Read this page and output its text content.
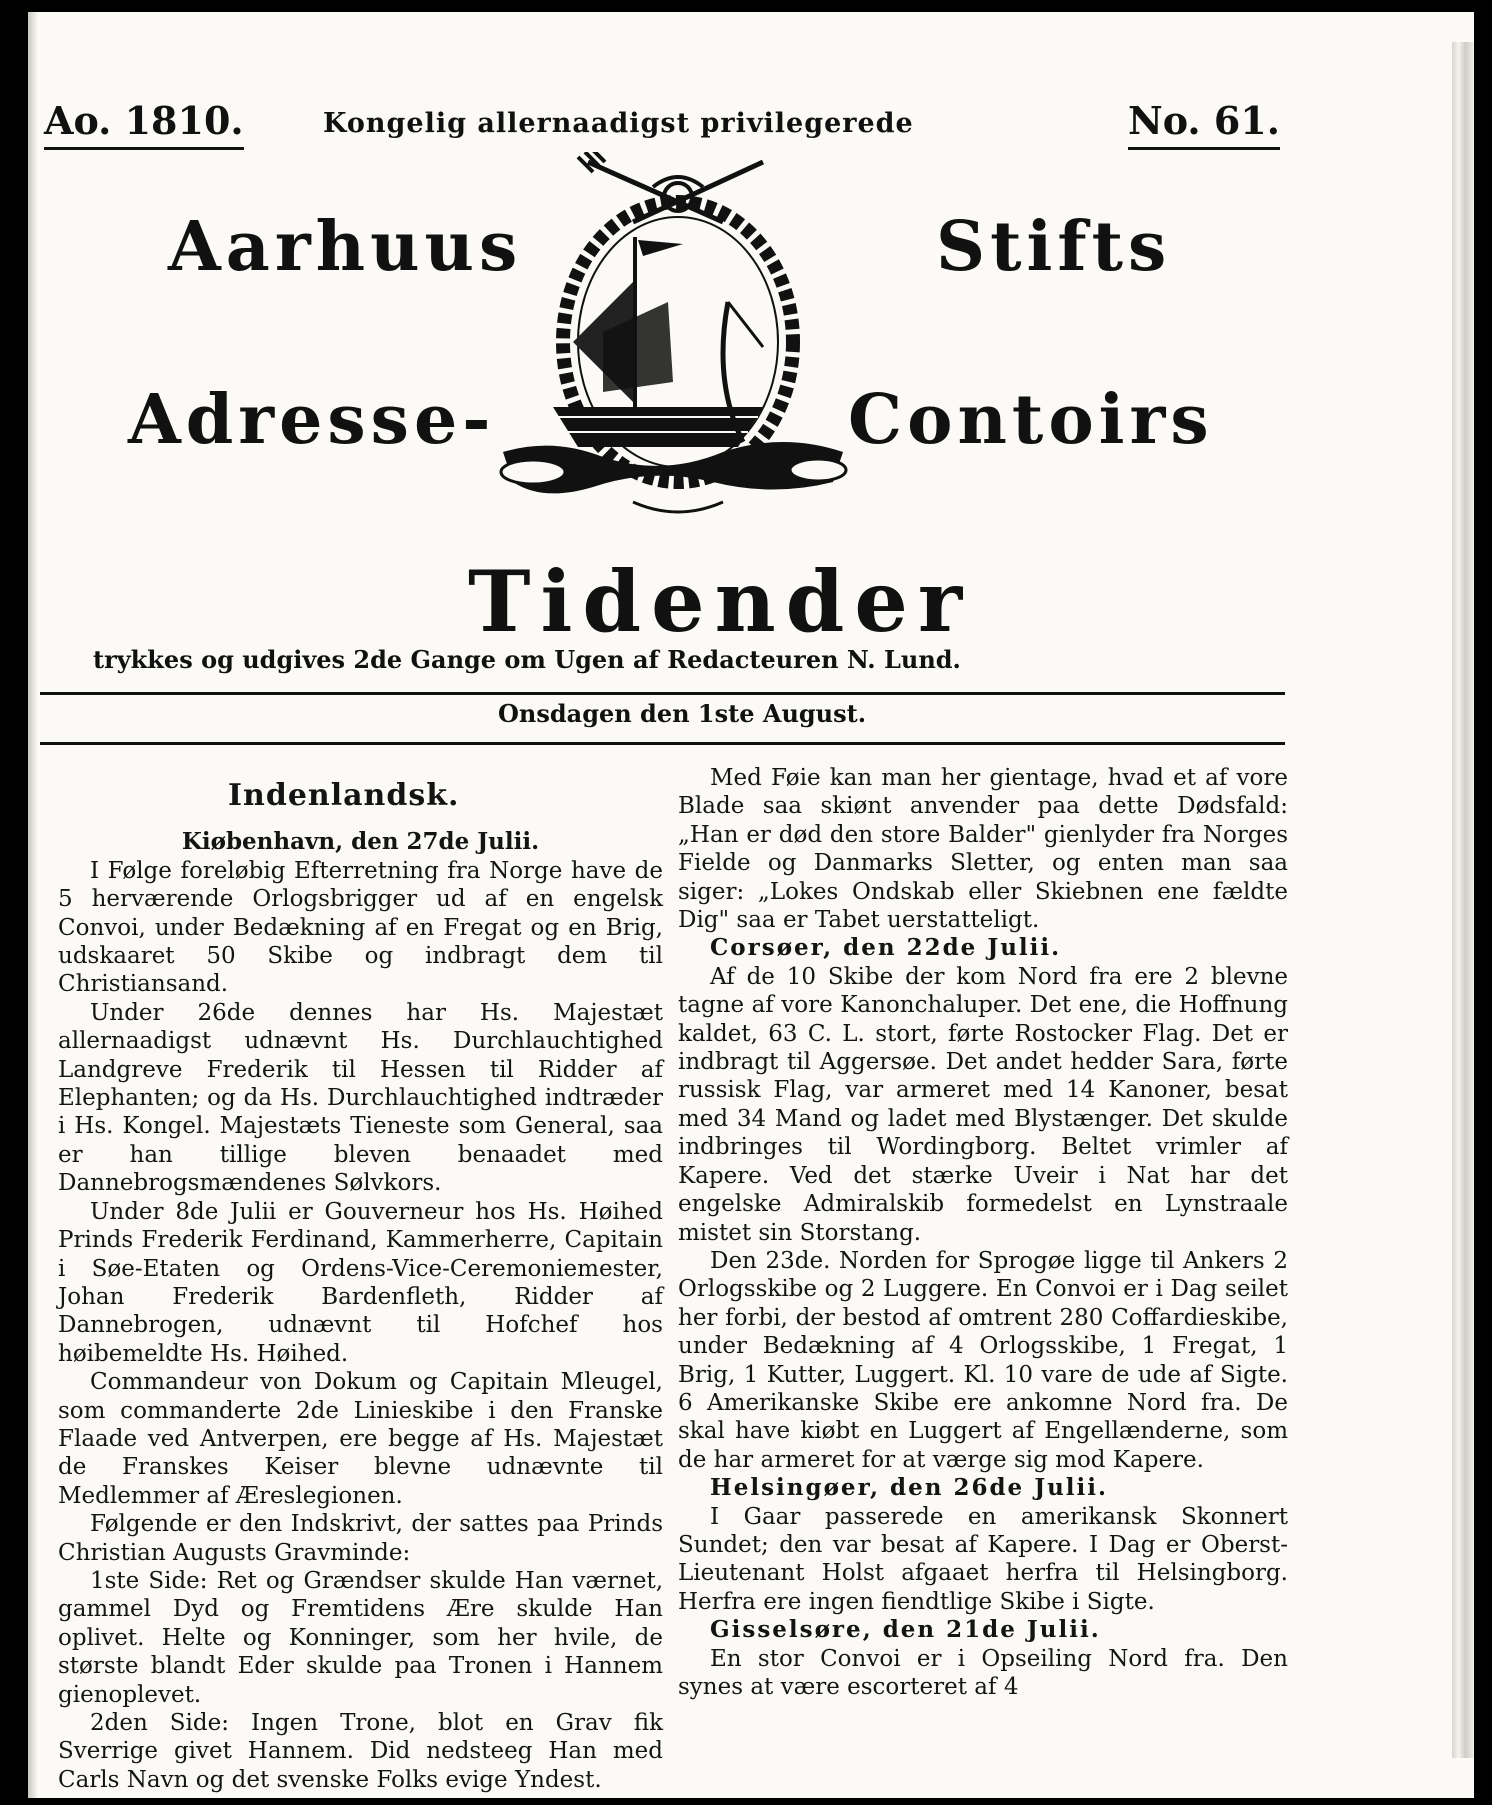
Ao. 1810.	Kongelig allernaadigst privilegerede	No. 61.
Aarhuus	Stifts
Adresse-	Contoirs
Tidender
trykkes og udgives 2de Gange om Ugen af Redacteuren N. Lund.
Onsdagen den 1ste August.
Indenlandsk.

Kiøbenhavn, den 27de Julii.

I Følge foreløbig Efterretning fra Norge have de 5 herværende Orlogsbrigger ud af en engelsk Convoi, under Bedækning af en Fregat og en Brig, udskaaret 50 Skibe og indbragt dem til Christiansand.

Under 26de dennes har Hs. Majestæt allernaadigst udnævnt Hs. Durchlauchtighed Landgreve Frederik til Hessen til Ridder af Elephanten; og da Hs. Durchlauchtighed indtræder i Hs. Kongel. Majestæts Tieneste som General, saa er han tillige bleven benaadet med Dannebrogsmændenes Sølvkors.

Under 8de Julii er Gouverneur hos Hs. Høihed Prinds Frederik Ferdinand, Kammerherre, Capitain i Søe-Etaten og Ordens-Vice-Ceremoniemester, Johan Frederik Bardenfleth, Ridder af Dannebrogen, udnævnt til Hofchef hos høibemeldte Hs. Høihed.

Commandeur von Dokum og Capitain Mleugel, som commanderte 2de Linieskibe i den Franske Flaade ved Antverpen, ere begge af Hs. Majestæt de Franskes Keiser blevne udnævnte til Medlemmer af Æreslegionen.

Følgende er den Indskrivt, der sattes paa Prinds Christian Augusts Gravminde:

1ste Side: Ret og Grændser skulde Han værnet, gammel Dyd og Fremtidens Ære skulde Han oplivet. Helte og Konninger, som her hvile, de største blandt Eder skulde paa Tronen i Hannem gienoplevet.

2den Side: Ingen Trone, blot en Grav fik Sverrige givet Hannem. Did nedsteeg Han med Carls Navn og det svenske Folks evige Yndest.

Med Føie kan man her gientage, hvad et af vore Blade saa skiønt anvender paa dette Dødsfald: „Han er død den store Balder" gienlyder fra Norges Fielde og Danmarks Sletter, og enten man saa siger: „Lokes Ondskab eller Skiebnen ene fældte Dig" saa er Tabet uerstatteligt.

Corsøer, den 22de Julii.

Af de 10 Skibe der kom Nord fra ere 2 blevne tagne af vore Kanonchaluper. Det ene, die Hoffnung kaldet, 63 C. L. stort, førte Rostocker Flag. Det er indbragt til Aggersøe. Det andet hedder Sara, førte russisk Flag, var armeret med 14 Kanoner, besat med 34 Mand og ladet med Blystænger. Det skulde indbringes til Wordingborg. Beltet vrimler af Kapere. Ved det stærke Uveir i Nat har det engelske Admiralskib formedelst en Lynstraale mistet sin Storstang.

Den 23de. Norden for Sprogøe ligge til Ankers 2 Orlogsskibe og 2 Luggere. En Convoi er i Dag seilet her forbi, der bestod af omtrent 280 Coffardieskibe, under Bedækning af 4 Orlogsskibe, 1 Fregat, 1 Brig, 1 Kutter, Luggert. Kl. 10 vare de ude af Sigte. 6 Amerikanske Skibe ere ankomne Nord fra. De skal have kiøbt en Luggert af Engellænderne, som de har armeret for at værge sig mod Kapere.

Helsingøer, den 26de Julii.

I Gaar passerede en amerikansk Skonnert Sundet; den var besat af Kapere. I Dag er Oberst-Lieutenant Holst afgaaet herfra til Helsingborg. Herfra ere ingen fiendtlige Skibe i Sigte.

Gisselsøre, den 21de Julii.

En stor Convoi er i Opseiling Nord fra. Den synes at være escorteret af 4
